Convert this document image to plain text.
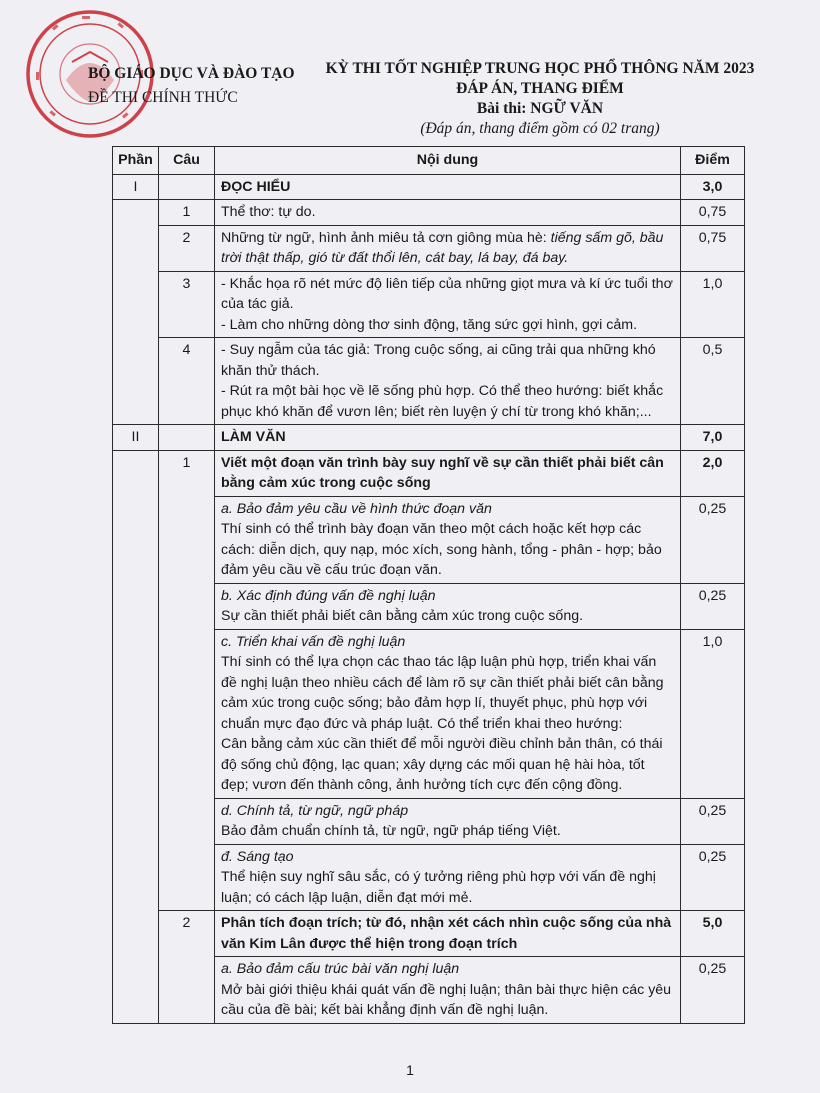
BỘ GIÁO DỤC VÀ ĐÀO TẠO
ĐỀ THI CHÍNH THỨC
KỲ THI TỐT NGHIỆP TRUNG HỌC PHỔ THÔNG NĂM 2023
ĐÁP ÁN, THANG ĐIỂM
Bài thi: NGỮ VĂN
(Đáp án, thang điểm gồm có 02 trang)
Phần	Câu	Nội dung	Điểm
I		ĐỌC HIỂU	3,0
	1	Thể thơ: tự do.	0,75
	2	Những từ ngữ, hình ảnh miêu tả cơn giông mùa hè: tiếng sấm gõ, bầu trời thật thấp, gió từ đất thổi lên, cát bay, lá bay, đá bay.	0,75
	3	- Khắc họa rõ nét mức độ liên tiếp của những giọt mưa và kí ức tuổi thơ của tác giả.
- Làm cho những dòng thơ sinh động, tăng sức gợi hình, gợi cảm.	1,0
	4	- Suy ngẫm của tác giả: Trong cuộc sống, ai cũng trải qua những khó khăn thử thách.
- Rút ra một bài học về lẽ sống phù hợp. Có thể theo hướng: biết khắc phục khó khăn để vươn lên; biết rèn luyện ý chí từ trong khó khăn;...	0,5
II		LÀM VĂN	7,0
	1	Viết một đoạn văn trình bày suy nghĩ về sự cần thiết phải biết cân bằng cảm xúc trong cuộc sống	2,0

		a. Bảo đảm yêu cầu về hình thức đoạn văn
Thí sinh có thể trình bày đoạn văn theo một cách hoặc kết hợp các cách: diễn dịch, quy nạp, móc xích, song hành, tổng - phân - hợp; bảo đảm yêu cầu về cấu trúc đoạn văn.	0,25

		b. Xác định đúng vấn đề nghị luận
Sự cần thiết phải biết cân bằng cảm xúc trong cuộc sống.	0,25

		c. Triển khai vấn đề nghị luận
Thí sinh có thể lựa chọn các thao tác lập luận phù hợp, triển khai vấn đề nghị luận theo nhiều cách để làm rõ sự cần thiết phải biết cân bằng cảm xúc trong cuộc sống; bảo đảm hợp lí, thuyết phục, phù hợp với chuẩn mực đạo đức và pháp luật. Có thể triển khai theo hướng:
Cân bằng cảm xúc cần thiết để mỗi người điều chỉnh bản thân, có thái độ sống chủ động, lạc quan; xây dựng các mối quan hệ hài hòa, tốt đẹp; vươn đến thành công, ảnh hưởng tích cực đến cộng đồng.	1,0

		d. Chính tả, từ ngữ, ngữ pháp
Bảo đảm chuẩn chính tả, từ ngữ, ngữ pháp tiếng Việt.	0,25

		đ. Sáng tạo
Thể hiện suy nghĩ sâu sắc, có ý tưởng riêng phù hợp với vấn đề nghị luận; có cách lập luận, diễn đạt mới mẻ.	0,25
	2	Phân tích đoạn trích; từ đó, nhận xét cách nhìn cuộc sống của nhà văn Kim Lân được thể hiện trong đoạn trích	5,0

		a. Bảo đảm cấu trúc bài văn nghị luận
Mở bài giới thiệu khái quát vấn đề nghị luận; thân bài thực hiện các yêu cầu của đề bài; kết bài khẳng định vấn đề nghị luận.	0,25
1
